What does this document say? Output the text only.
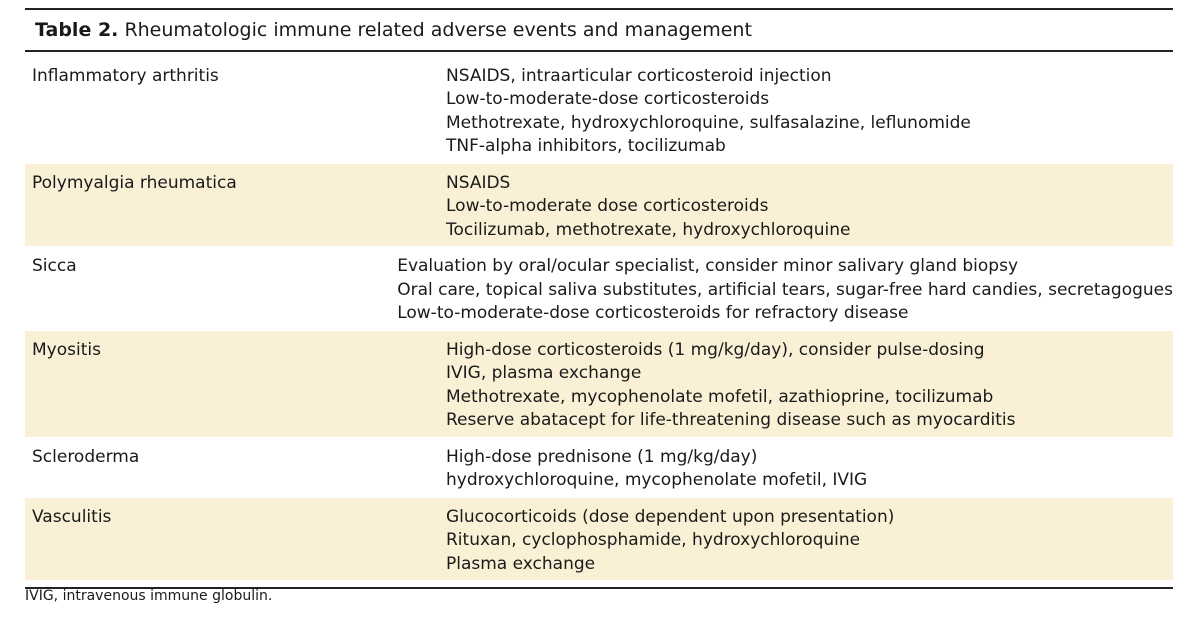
Table 2. Rheumatologic immune related adverse events and management
Inflammatory arthritis	NSAIDS, intraarticular corticosteroid injection
Low-to-moderate-dose corticosteroids
Methotrexate, hydroxychloroquine, sulfasalazine, leflunomide
TNF-alpha inhibitors, tocilizumab
Polymyalgia rheumatica	NSAIDS
Low-to-moderate dose corticosteroids
Tocilizumab, methotrexate, hydroxychloroquine
Sicca	Evaluation by oral/ocular specialist, consider minor salivary gland biopsy
Oral care, topical saliva substitutes, artificial tears, sugar-free hard candies, secretagogues
Low-to-moderate-dose corticosteroids for refractory disease
Myositis	High-dose corticosteroids (1 mg/kg/day), consider pulse-dosing
IVIG, plasma exchange
Methotrexate, mycophenolate mofetil, azathioprine, tocilizumab
Reserve abatacept for life-threatening disease such as myocarditis
Scleroderma	High-dose prednisone (1 mg/kg/day)
hydroxychloroquine, mycophenolate mofetil, IVIG
Vasculitis	Glucocorticoids (dose dependent upon presentation)
Rituxan, cyclophosphamide, hydroxychloroquine
Plasma exchange
IVIG, intravenous immune globulin.
